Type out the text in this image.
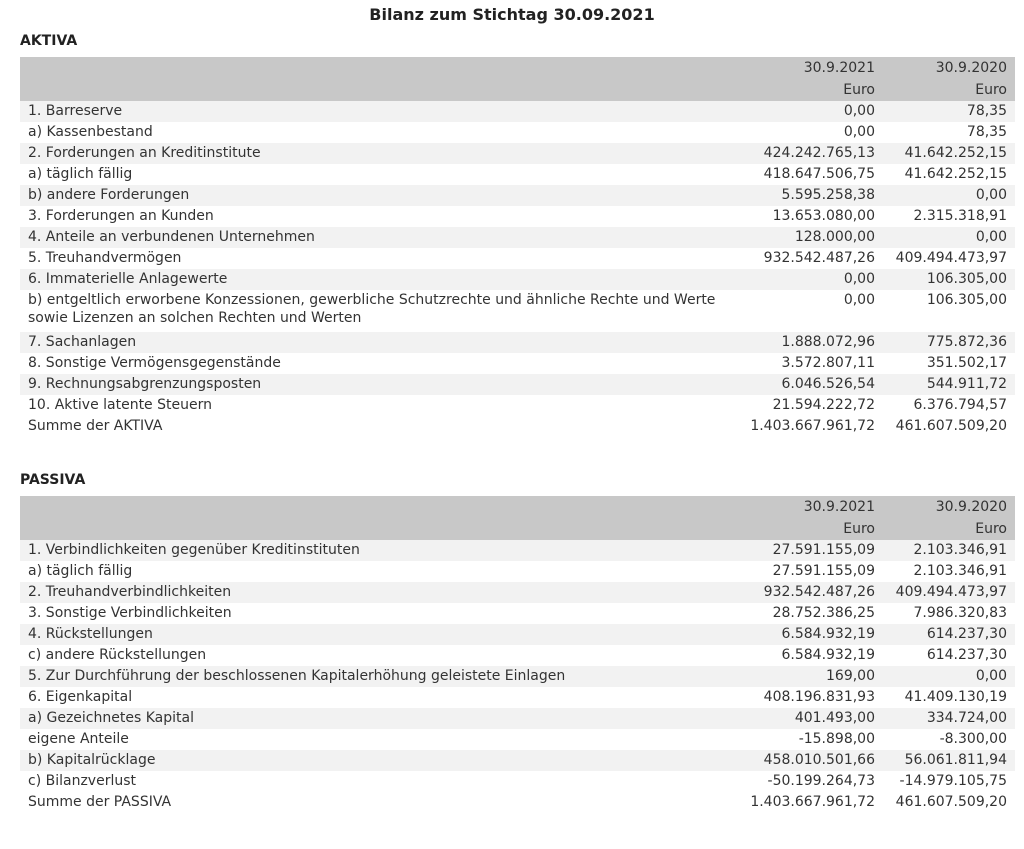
Bilanz zum Stichtag 30.09.2021
AKTIVA
	30.9.2021	30.9.2020
	Euro	Euro
1. Barreserve	0,00	78,35
a) Kassenbestand	0,00	78,35
2. Forderungen an Kreditinstitute	424.242.765,13	41.642.252,15
a) täglich fällig	418.647.506,75	41.642.252,15
b) andere Forderungen	5.595.258,38	0,00
3. Forderungen an Kunden	13.653.080,00	2.315.318,91
4. Anteile an verbundenen Unternehmen	128.000,00	0,00
5. Treuhandvermögen	932.542.487,26	409.494.473,97
6. Immaterielle Anlagewerte	0,00	106.305,00
b) entgeltlich erworbene Konzessionen, gewerbliche Schutzrechte und ähnliche Rechte und Werte sowie Lizenzen an solchen Rechten und Werten	0,00	106.305,00
7. Sachanlagen	1.888.072,96	775.872,36
8. Sonstige Vermögensgegenstände	3.572.807,11	351.502,17
9. Rechnungsabgrenzungsposten	6.046.526,54	544.911,72
10. Aktive latente Steuern	21.594.222,72	6.376.794,57
Summe der AKTIVA	1.403.667.961,72	461.607.509,20
PASSIVA
	30.9.2021	30.9.2020
	Euro	Euro
1. Verbindlichkeiten gegenüber Kreditinstituten	27.591.155,09	2.103.346,91
a) täglich fällig	27.591.155,09	2.103.346,91
2. Treuhandverbindlichkeiten	932.542.487,26	409.494.473,97
3. Sonstige Verbindlichkeiten	28.752.386,25	7.986.320,83
4. Rückstellungen	6.584.932,19	614.237,30
c) andere Rückstellungen	6.584.932,19	614.237,30
5. Zur Durchführung der beschlossenen Kapitalerhöhung geleistete Einlagen	169,00	0,00
6. Eigenkapital	408.196.831,93	41.409.130,19
a) Gezeichnetes Kapital	401.493,00	334.724,00
eigene Anteile	-15.898,00	-8.300,00
b) Kapitalrücklage	458.010.501,66	56.061.811,94
c) Bilanzverlust	-50.199.264,73	-14.979.105,75
Summe der PASSIVA	1.403.667.961,72	461.607.509,20
